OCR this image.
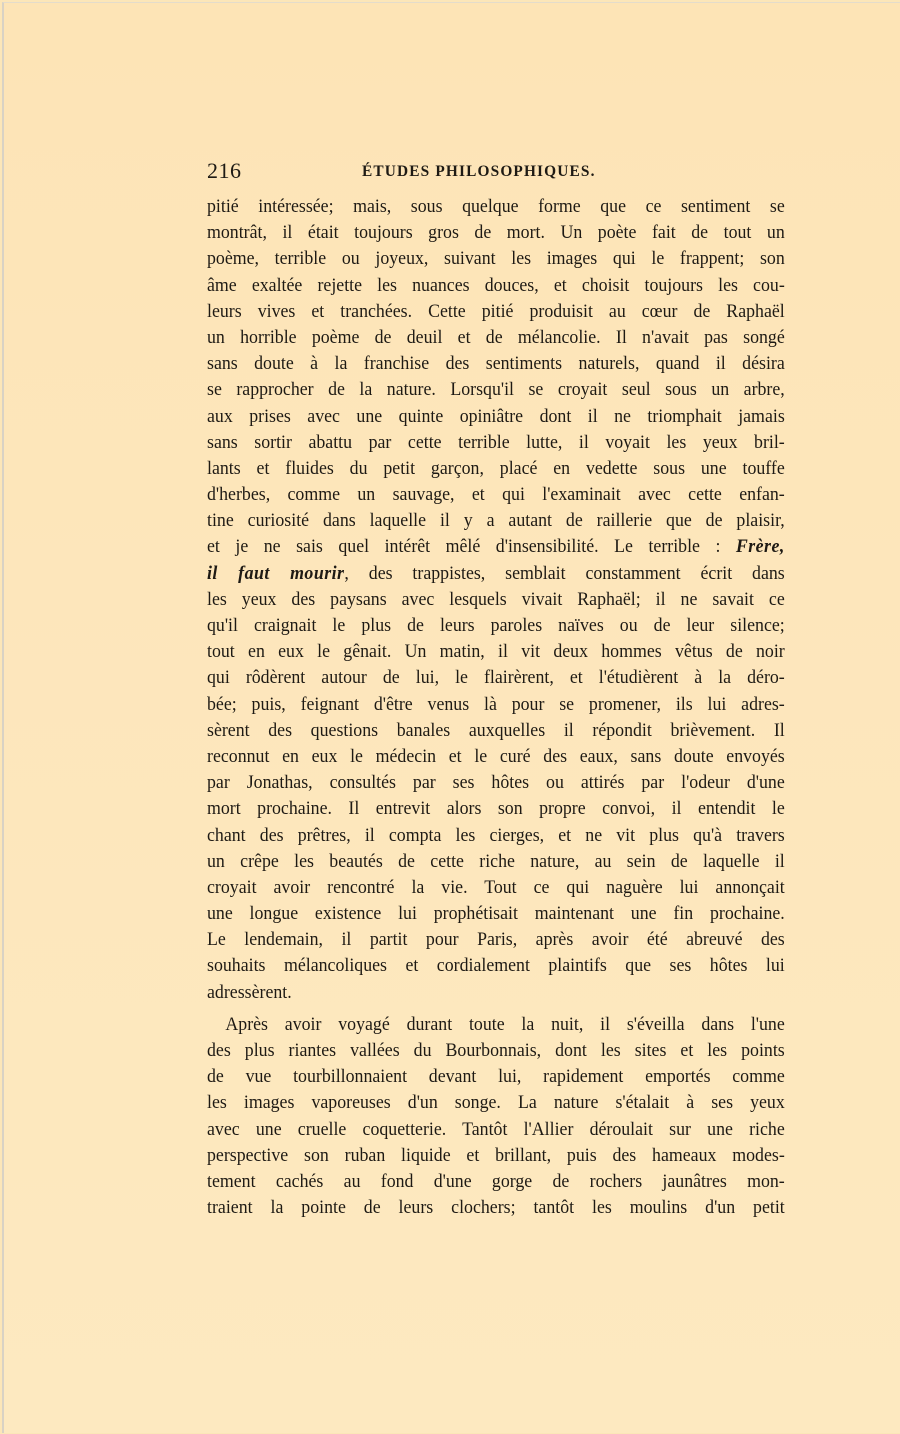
216	ÉTUDES PHILOSOPHIQUES.
pitié intéressée; mais, sous quelque forme que ce sentiment se
montrât, il était toujours gros de mort. Un poète fait de tout un
poème, terrible ou joyeux, suivant les images qui le frappent; son
âme exaltée rejette les nuances douces, et choisit toujours les cou-
leurs vives et tranchées. Cette pitié produisit au cœur de Raphaël
un horrible poème de deuil et de mélancolie. Il n'avait pas songé
sans doute à la franchise des sentiments naturels, quand il désira
se rapprocher de la nature. Lorsqu'il se croyait seul sous un arbre,
aux prises avec une quinte opiniâtre dont il ne triomphait jamais
sans sortir abattu par cette terrible lutte, il voyait les yeux bril-
lants et fluides du petit garçon, placé en vedette sous une touffe
d'herbes, comme un sauvage, et qui l'examinait avec cette enfan-
tine curiosité dans laquelle il y a autant de raillerie que de plaisir,
et je ne sais quel intérêt mêlé d'insensibilité. Le terrible : Frère,
il faut mourir, des trappistes, semblait constamment écrit dans
les yeux des paysans avec lesquels vivait Raphaël; il ne savait ce
qu'il craignait le plus de leurs paroles naïves ou de leur silence;
tout en eux le gênait. Un matin, il vit deux hommes vêtus de noir
qui rôdèrent autour de lui, le flairèrent, et l'étudièrent à la déro-
bée; puis, feignant d'être venus là pour se promener, ils lui adres-
sèrent des questions banales auxquelles il répondit brièvement. Il
reconnut en eux le médecin et le curé des eaux, sans doute envoyés
par Jonathas, consultés par ses hôtes ou attirés par l'odeur d'une
mort prochaine. Il entrevit alors son propre convoi, il entendit le
chant des prêtres, il compta les cierges, et ne vit plus qu'à travers
un crêpe les beautés de cette riche nature, au sein de laquelle il
croyait avoir rencontré la vie. Tout ce qui naguère lui annonçait
une longue existence lui prophétisait maintenant une fin prochaine.
Le lendemain, il partit pour Paris, après avoir été abreuvé des
souhaits mélancoliques et cordialement plaintifs que ses hôtes lui
adressèrent.
Après avoir voyagé durant toute la nuit, il s'éveilla dans l'une
des plus riantes vallées du Bourbonnais, dont les sites et les points
de vue tourbillonnaient devant lui, rapidement emportés comme
les images vaporeuses d'un songe. La nature s'étalait à ses yeux
avec une cruelle coquetterie. Tantôt l'Allier déroulait sur une riche
perspective son ruban liquide et brillant, puis des hameaux modes-
tement cachés au fond d'une gorge de rochers jaunâtres mon-
traient la pointe de leurs clochers; tantôt les moulins d'un petit
